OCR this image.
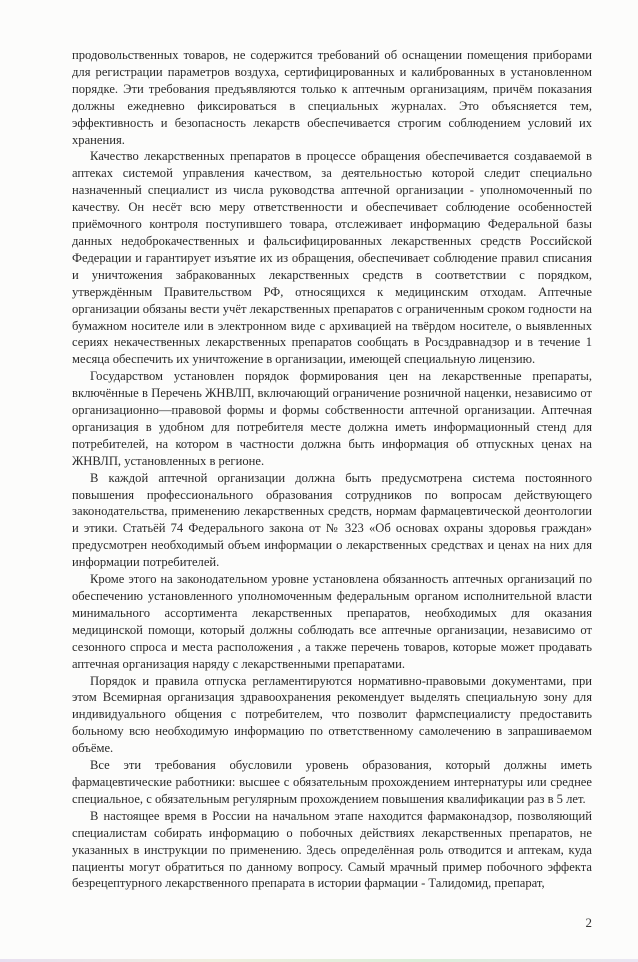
продовольственных товаров, не содержится требований об оснащении помещения приборами для регистрации параметров воздуха, сертифицированных и калиброванных в установленном порядке. Эти требования предъявляются только к аптечным организациям, причём показания должны ежедневно фиксироваться в специальных журналах. Это объясняется тем, эффективность и безопасность лекарств обеспечивается строгим соблюдением условий их хранения.

Качество лекарственных препаратов в процессе обращения обеспечивается создаваемой в аптеках системой управления качеством, за деятельностью которой следит специально назначенный специалист из числа руководства аптечной организации - уполномоченный по качеству. Он несёт всю меру ответственности и обеспечивает соблюдение особенностей приёмочного контроля поступившего товара, отслеживает информацию Федеральной базы данных недоброкачественных и фальсифицированных лекарственных средств Российской Федерации и гарантирует изъятие их из обращения, обеспечивает соблюдение правил списания и уничтожения забракованных лекарственных средств в соответствии с порядком, утверждённым Правительством РФ, относящихся к медицинским отходам. Аптечные организации обязаны вести учёт лекарственных препаратов с ограниченным сроком годности на бумажном носителе или в электронном виде с архивацией на твёрдом носителе, о выявленных сериях некачественных лекарственных препаратов сообщать в Росздравнадзор и в течение 1 месяца обеспечить их уничтожение в организации, имеющей специальную лицензию.

Государством установлен порядок формирования цен на лекарственные препараты, включённые в Перечень ЖНВЛП, включающий ограничение розничной наценки, независимо от организационно—правовой формы и формы собственности аптечной организации. Аптечная организация в удобном для потребителя месте должна иметь информационный стенд для потребителей, на котором в частности должна быть информация об отпускных ценах на ЖНВЛП, установленных в регионе.

В каждой аптечной организации должна быть предусмотрена система постоянного повышения профессионального образования сотрудников по вопросам действующего законодательства, применению лекарственных средств, нормам фармацевтической деонтологии и этики. Статьёй 74 Федерального закона от № 323 «Об основах охраны здоровья граждан» предусмотрен необходимый объем информации о лекарственных средствах и ценах на них для информации потребителей.

Кроме этого на законодательном уровне установлена обязанность аптечных организаций по обеспечению установленного уполномоченным федеральным органом исполнительной власти минимального ассортимента лекарственных препаратов, необходимых для оказания медицинской помощи, который должны соблюдать все аптечные организации, независимо от сезонного спроса и места расположения , а также перечень товаров, которые может продавать аптечная организация наряду с лекарственными препаратами.

Порядок и правила отпуска регламентируются нормативно-правовыми документами, при этом Всемирная организация здравоохранения рекомендует выделять специальную зону для индивидуального общения с потребителем, что позволит фармспециалисту предоставить больному всю необходимую информацию по ответственному самолечению в запрашиваемом объёме.

Все эти требования обусловили уровень образования, который должны иметь фармацевтические работники: высшее с обязательным прохождением интернатуры или среднее специальное, с обязательным регулярным прохождением повышения квалификации раз в 5 лет.

В настоящее время в России на начальном этапе находится фармаконадзор, позволяющий специалистам собирать информацию о побочных действиях лекарственных препаратов, не указанных в инструкции по применению. Здесь определённая роль отводится и аптекам, куда пациенты могут обратиться по данному вопросу. Самый мрачный пример побочного эффекта безрецептурного лекарственного препарата в истории фармации - Талидомид, препарат,

2
